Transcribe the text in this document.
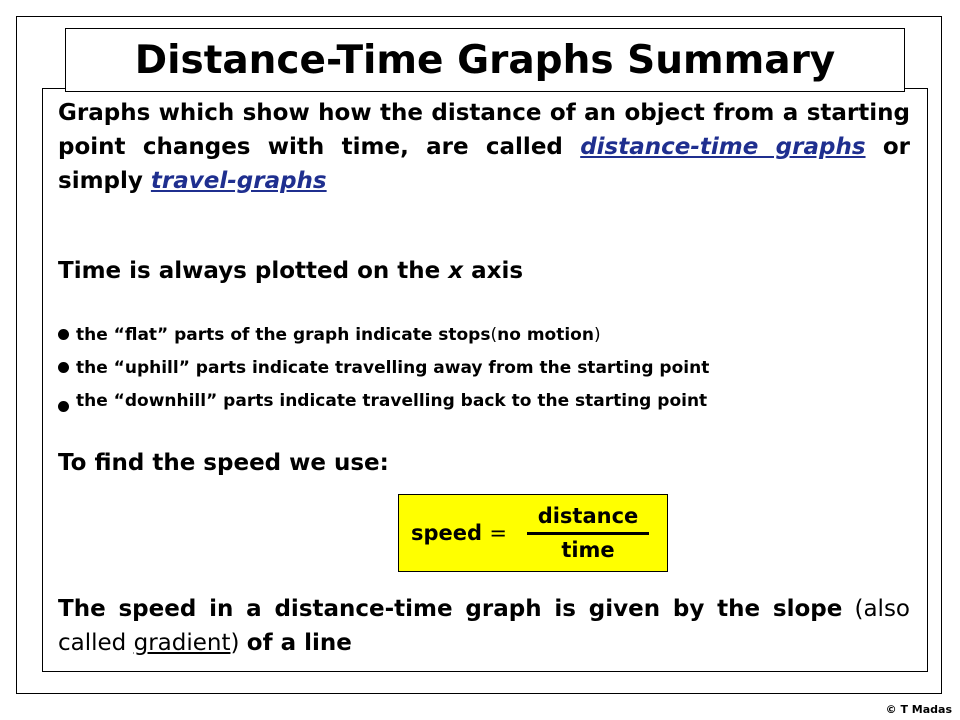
Distance-Time Graphs Summary

Graphs which show how the distance of an object from a starting point changes with time, are called distance-time graphs or simply travel-graphs

Time is always plotted on the x axis

the “flat” parts of the graph indicate stops ( no motion )
the “uphill” parts indicate travelling away from the starting point
the “downhill” parts indicate travelling back to the starting point

To find the speed we use:

speed =
distance
time

The speed in a distance-time graph is given by the slope (also called gradient) of a line

© T Madas
